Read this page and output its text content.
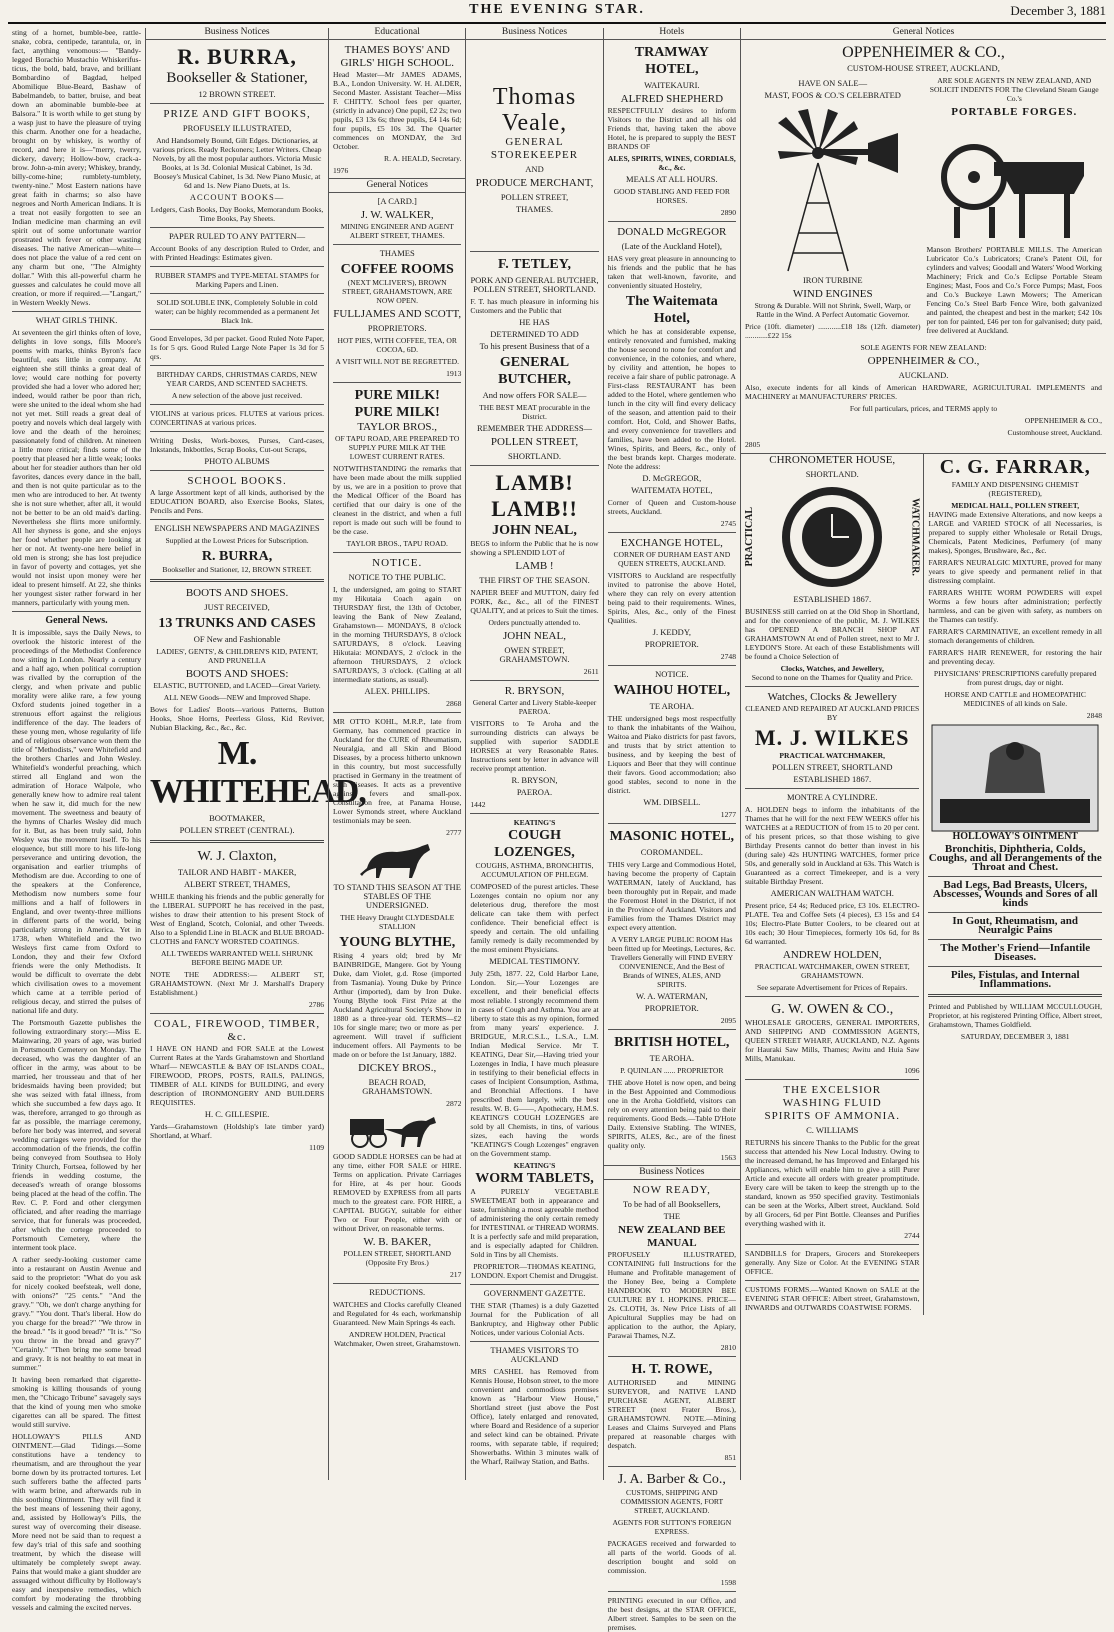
THE EVENING STAR.	December 3, 1881

sting of a hornet, bumble-bee, rattle-snake, cobra, centipede, tarantula, or, in fact, anything venomous:— "Bandy-legged Borachio Mustachio Whiskerifus-ticus, the bold, bald, brave, and brilliant Bombardino of Bagdad, helped Abomilique Blue-Beard, Bashaw of Babelmandeb, to batter, bruise, and beat down an abominable bumble-bee at Balsora." It is worth while to get stung by a wasp just to have the pleasure of trying this charm. Another one for a headache, brought on by whiskey, is worthy of record, and here it is—"merry, twerry, dickery, davery; Hollow-bow, crack-a-brow. John-a-min avery; Whiskey, brandy, billy-come-hine; rumblety-tumblety, twenty-nine." Most Eastern nations have great faith in charms; so also have negroes and North American Indians. It is a treat not easily forgotten to see an Indian medicine man charming an evil spirit out of some unfortunate warrior prostrated with fever or other wasting diseases. The native American—white—does not place the value of a red cent on any charm but one, "The Almighty dollar." With this all-powerful charm he guesses and calculates he could move all creation, or more if required.—"Langart," in Western Weekly News.

WHAT GIRLS THINK.

At seventeen the girl thinks often of love, delights in love songs, fills Moore's poems with marks, thinks Byron's face beautiful, eats little in company. At eighteen she still thinks a great deal of love; would care nothing for poverty provided she had a lover who adored her; indeed, would rather be poor than rich, were she united to the ideal whom she had not yet met. Still reads a great deal of poetry and novels which deal largely with love and the death of the heroines; passionately fond of children. At nineteen a little more critical; finds some of the poetry that pleased her a little weak; looks about her for steadier authors than her old favorites, dances every dance in the ball, and then is not quite particular as to the men who are introduced to her. At twenty she is not sure whether, after all, it would not be better to be an old maid's darling. Nevertheless she flirts more uniformly. All her shyness is gone, and she enjoys her food whether people are looking at her or not. At twenty-one here belief in old men is strong; she has lost prejudice in favor of poverty and cottages, yet she would not insist upon money were her ideal to present himself. At 22, she thinks her youngest sister rather forward in her manners, particularly with young men.

General News.

It is impossible, says the Daily News, to overlook the historic interest of the proceedings of the Methodist Conference now sitting in London. Nearly a century and a half ago, when political corruption was rivalled by the corruption of the clergy, and when private and public morality were alike rare, a few young Oxford students joined together in a strenuous effort against the religious indifference of the day. The leaders of these young men, whose regularity of life and of religious observance won them the title of "Methodists," were Whitefield and the brothers Charles and John Wesley. Whitefield's wonderful preaching, which stirred all England and won the admiration of Horace Walpole, who generally knew how to admire real talent when he saw it, did much for the new movement. The sweetness and beauty of the hymns of Charles Wesley did much for it. But, as has been truly said, John Wesley was the movement itself. To his eloquence, but still more to his life-long perseverance and untiring devotion, the organisation and earlier triumphs of Methodism are due. According to one of the speakers at the Conference, Methodism now numbers some four millions and a half of followers in England, and over twenty-three millions in different parts of the world, being particularly strong in America. Yet in 1738, when Whitefield and the two Wesleys first came from Oxford to London, they and their few Oxford friends were the only Methodists. It would be difficult to overrate the debt which civilisation owes to a movement which came at a terrible period of religious decay, and stirred the pulses of national life and duty.

The Portsmouth Gazette publishes the following extraordinary story:—Miss E. Mainwaring, 20 years of age, was buried in Portsmouth Cemetery on Monday. The deceased, who was the daughter of an officer in the army, was about to be married, her trousseau and that of her bridesmaids having been provided; but she was seized with fatal illness, from which she succumbed a few days ago. It was, therefore, arranged to go through as far as possible, the marriage ceremony, before her body was interred, and several wedding carriages were provided for the accommodation of the friends, the coffin being conveyed from Southsea to Holy Trinity Church, Fortsea, followed by her friends in wedding costume, the deceased's wreath of orange blossoms being placed at the head of the coffin. The Rev. C. P. Ford and other clergymen officiated, and after reading the marriage service, that for funerals was proceeded, after which the cortege proceeded to Portsmouth Cemetery, where the interment took place.

A rather seedy-looking customer came into a restaurant on Austin Avenue and said to the proprietor: "What do you ask for nicely cooked beefsteak, well done, with onions?" "25 cents." "And the gravy." "Oh, we don't charge anything for gravy." "You dont. That's liberal. How do you charge for the bread?" "We throw in the bread." "Is it good bread?" "It is." "So you throw in the bread and gravy?" "Certainly." "Then bring me some bread and gravy. It is not healthy to eat meat in summer."

It having been remarked that cigarette-smoking is killing thousands of young men, the "Chicago Tribune" savagely says that the kind of young men who smoke cigarettes can all be spared. The fittest would still survive.

HOLLOWAY'S PILLS AND OINTMENT.—Glad Tidings.—Some constitutions have a tendency to rheumatism, and are throughout the year borne down by its protracted tortures. Let such sufferers bathe the affected parts with warm brine, and afterwards rub in this soothing Ointment. They will find it the best means of lessening their agony, and, assisted by Holloway's Pills, the surest way of overcoming their disease. More need not be said than to request a few day's trial of this safe and soothing treatment, by which the disease will ultimately be completely swept away. Pains that would make a giant shudder are assuaged without difficulty by Holloway's easy and inexpensive remedies, which comfort by moderating the throbbing vessels and calming the excited nerves.

Business Notices
R. BURRA,
Bookseller & Stationer,
12 BROWN STREET.
PRIZE AND GIFT BOOKS,
PROFUSELY ILLUSTRATED,

And Handsomely Bound, Gilt Edges. Dictionaries, at various prices. Ready Reckoners; Letter Writers. Cheap Novels, by all the most popular authors. Victoria Music Books, at 1s 3d. Colonial Musical Cabinet, 1s 3d. Boosey's Musical Cabinet, 1s 3d. New Piano Music, at 6d and 1s. New Piano Duets, at 1s.

ACCOUNT BOOKS—

Ledgers, Cash Books, Day Books, Memorandum Books, Time Books, Pay Sheets.

PAPER RULED TO ANY PATTERN—

Account Books of any description Ruled to Order, and with Printed Headings: Estimates given.

RUBBER STAMPS and TYPE-METAL STAMPS for Marking Papers and Linen.

SOLID SOLUBLE INK, Completely Soluble in cold water; can be highly recommended as a permanent Jet Black Ink.

Good Envelopes, 3d per packet. Good Ruled Note Paper, 1s for 5 qrs. Good Ruled Large Note Paper 1s 3d for 5 qrs.

BIRTHDAY CARDS, CHRISTMAS CARDS, NEW YEAR CARDS, AND SCENTED SACHETS.

A new selection of the above just received.

VIOLINS at various prices. FLUTES at various prices. CONCERTINAS at various prices.

Writing Desks, Work-boxes, Purses, Card-cases, Inkstands, Inkbottles, Scrap Books, Cut-out Scraps,

PHOTO ALBUMS
SCHOOL BOOKS.

A large Assortment kept of all kinds, authorised by the EDUCATION BOARD, also Exercise Books, Slates, Pencils and Pens.

ENGLISH NEWSPAPERS AND MAGAZINES

Supplied at the Lowest Prices for Subscription.

R. BURRA,

Bookseller and Stationer, 12, BROWN STREET.

BOOTS AND SHOES.
JUST RECEIVED,
13 TRUNKS AND CASES
OF New and Fashionable

LADIES', GENTS', & CHILDREN'S KID, PATENT, AND PRUNELLA

BOOTS AND SHOES:

ELASTIC, BUTTONED, and LACED—Great Variety.

ALL NEW Goods—NEW and Improved Shape.

Bows for Ladies' Boots—various Patterns, Button Hooks, Shoe Horns, Peerless Gloss, Kid Reviver, Nubian Blacking, &c., &c., &c.

M. WHITEHEAD,
BOOTMAKER,
POLLEN STREET (CENTRAL).
W. J. Claxton,
TAILOR AND HABIT - MAKER,
ALBERT STREET, THAMES,

WHILE thanking his friends and the public generally for the LIBERAL SUPPORT he has received in the past, wishes to draw their attention to his present Stock of West of England, Scotch, Colonial, and other Tweeds. Also to a Splendid Line in BLACK and BLUE BROAD-CLOTHS and FANCY WORSTED COATINGS.

ALL TWEEDS WARRANTED WELL SHRUNK BEFORE BEING MADE UP.

NOTE THE ADDRESS:— ALBERT ST, GRAHAMSTOWN. (Next Mr J. Marshall's Drapery Establishment.)

2786

COAL, FIREWOOD, TIMBER, &c.

I HAVE ON HAND and FOR SALE at the Lowest Current Rates at the Yards Grahamstown and Shortland Wharf— NEWCASTLE & BAY OF ISLANDS COAL, FIREWOOD, PROPS, POSTS, RAILS, PALINGS, TIMBER of ALL KINDS for BUILDING, and every description of IRONMONGERY AND BUILDERS REQUISITES.

H. C. GILLESPIE.

Yards—Grahamstown (Holdship's late timber yard) Shortland, at Wharf.

1109

Educational
THAMES BOYS' AND GIRLS' HIGH SCHOOL.

Head Master—Mr JAMES ADAMS, B.A., London University. W. H. ALDER, Second Master. Assistant Teacher—Miss F. CHITTY. School fees per quarter, (strictly in advance) One pupil, £2 2s; two pupils, £3 13s 6s; three pupils, £4 14s 6d; four pupils, £5 10s 3d. The Quarter commences on MONDAY, the 3rd October.

R. A. HEALD, Secretary.

1976

General Notices
[A CARD.]
J. W. WALKER,

MINING ENGINEER AND AGENT ALBERT STREET, THAMES.

THAMES
COFFEE ROOMS

(NEXT MCLIVER'S), BROWN STREET, GRAHAMSTOWN, ARE NOW OPEN.

FULLJAMES AND SCOTT,
PROPRIETORS.

HOT PIES, WITH COFFEE, TEA, OR COCOA, 6D.

A VISIT WILL NOT BE REGRETTED.

1913

PURE MILK!
PURE MILK!
TAYLOR BROS.,

OF TAPU ROAD, ARE PREPARED TO SUPPLY PURE MILK AT THE LOWEST CURRENT RATES.

NOTWITHSTANDING the remarks that have been made about the milk supplied by us, we are in a position to prove that the Medical Officer of the Board has certified that our dairy is one of the cleanest in the district, and when a full report is made out such will be found to be the case.

TAYLOR BROS., TAPU ROAD.

NOTICE.
NOTICE TO THE PUBLIC.

I, the undersigned, am going to START my Hikutaia Coach again on THURSDAY first, the 13th of October, leaving the Bank of New Zealand, Grahamstown— MONDAYS, 8 o'clock in the morning THURSDAYS, 8 o'clock SATURDAYS, 8 o'clock. Leaving Hikutaia: MONDAYS, 2 o'clock in the afternoon THURSDAYS, 2 o'clock SATURDAYS, 3 o'clock. (Calling at all intermediate stations, as usual).

ALEX. PHILLIPS.

2868

MR OTTO KOHL, M.R.P., late from Germany, has commenced practice in Auckland for the CURE of Rheumatism, Neuralgia, and all Skin and Blood Diseases, by a process hitherto unknown in this country, but most successfully practised in Germany in the treatment of such diseases. It acts as a preventive against fevers and small-pox. Consultation free, at Panama House, Lower Symonds street, where Auckland testimonials may be seen.

2777

TO STAND THIS SEASON AT THE STABLES OF THE UNDERSIGNED.

THE Heavy Draught CLYDESDALE STALLION

YOUNG BLYTHE,

Rising 4 years old; bred by Mr BAINBRIDGE, Mangere. Got by Young Duke, dam Violet, g.d. Rose (imported from Tasmania). Young Duke by Prince Arthur (imported), dam by Iron Duke. Young Blythe took First Prize at the Auckland Agricultural Society's Show in 1880 as a three-year old. TERMS—£2 10s for single mare; two or more as per agreement. Will travel if sufficient inducement offers. All Payments to be made on or before the 1st January, 1882.

DICKEY BROS.,
BEACH ROAD, GRAHAMSTOWN.

2872

GOOD SADDLE HORSES can be had at any time, either FOR SALE or HIRE. Terms on application. Private Carriages for Hire, at 4s per hour. Goods REMOVED by EXPRESS from all parts much to the greatest care. FOR HIRE, a CAPITAL BUGGY, suitable for either Two or Four People, either with or without Driver, on reasonable terms.

W. B. BAKER,

POLLEN STREET, SHORTLAND (Opposite Fry Bros.)

217

REDUCTIONS.

WATCHES and Clocks carefully Cleaned and Regulated for 4s each, workmanship Guaranteed. New Main Springs 4s each.

ANDREW HOLDEN, Practical Watchmaker, Owen street, Grahamstown.

Business Notices
Thomas Veale,
GENERAL STOREKEEPER
AND
PRODUCE MERCHANT,
POLLEN STREET,
THAMES.
F. TETLEY,
PORK AND GENERAL BUTCHER, POLLEN STREET, SHORTLAND.

F. T. has much pleasure in informing his Customers and the Public that

HE HAS
DETERMINED TO ADD
To his present Business that of a
GENERAL BUTCHER,
And now offers FOR SALE—

THE BEST MEAT procurable in the District.

REMEMBER THE ADDRESS—
POLLEN STREET,
SHORTLAND.
LAMB! LAMB!!
JOHN NEAL,

BEGS to inform the Public that he is now showing a SPLENDID LOT of

LAMB !
THE FIRST OF THE SEASON.

NAPIER BEEF and MUTTON, dairy fed PORK, &c., &c., all of the FINEST QUALITY, and at prices to Suit the times.

Orders punctually attended to.

JOHN NEAL,
OWEN STREET, GRAHAMSTOWN.

2611

R. BRYSON,

General Carter and Livery Stable-keeper PAEROA.

VISITORS to Te Aroha and the surrounding districts can always be supplied with superior SADDLE HORSES at very Reasonable Rates. Instructions sent by letter in advance will receive prompt attention.

R. BRYSON,
PAEROA.

1442

KEATING'S
COUGH LOZENGES,

COUGHS, ASTHMA, BRONCHITIS, ACCUMULATION OF PHLEGM.

COMPOSED of the purest articles. These Lozenges contain no opium nor any deleterious drug, therefore the most delicate can take them with perfect confidence. Their beneficial effect is speedy and certain. The old unfailing family remedy is daily recommended by the most eminent Physicians.

MEDICAL TESTIMONY.

July 25th, 1877. 22, Cold Harbor Lane, London. Sir,—Your Lozenges are excellent, and their beneficial effects most reliable. I strongly recommend them in cases of Cough and Asthma. You are at liberty to state this as my opinion, formed from many years' experience. J. BRIDGUE, M.R.C.S.L., L.S.A., L.M. Indian Medical Service. Mr T. KEATING, Dear Sir,—Having tried your Lozenges in India, I have much pleasure in testifying to their beneficial effects in cases of Incipient Consumption, Asthma, and Bronchial Affections. I have prescribed them largely, with the best results. W. B. G——, Apothecary, H.M.S. KEATING'S COUGH LOZENGES are sold by all Chemists, in tins, of various sizes, each having the words "KEATING'S Cough Lozenges" engraven on the Government stamp.

KEATING'S
WORM TABLETS,

A PURELY VEGETABLE SWEETMEAT both in appearance and taste, furnishing a most agreeable method of administering the only certain remedy for INTESTINAL or THREAD WORMS. It is a perfectly safe and mild preparation, and is especially adapted for Children. Sold in Tins by all Chemists.

PROPRIETOR—THOMAS KEATING, LONDON. Export Chemist and Druggist.

GOVERNMENT GAZETTE.

THE STAR (Thames) is a duly Gazetted Journal for the Publication of all Bankruptcy, and Highway other Public Notices, under various Colonial Acts.

THAMES VISITORS TO AUCKLAND

MRS CASHEL has Removed from Kennis House, Hobson street, to the more convenient and commodious premises known as "Harbour View House," Shortland street (just above the Post Office), lately enlarged and renovated, where Board and Residence of a superior and select kind can be obtained. Private rooms, with separate table, if required; Showerbaths. Within 3 minutes walk of the Wharf, Railway Station, and Baths.

Hotels
TRAMWAY HOTEL,
WAITEKAURI.
ALFRED SHEPHERD

RESPECTFULLY desires to inform Visitors to the District and all his old Friends that, having taken the above Hotel, he is prepared to supply the BEST BRANDS OF

ALES, SPIRITS, WINES, CORDIALS, &c., &c.
MEALS AT ALL HOURS.

GOOD STABLING AND FEED FOR HORSES.

2890

DONALD McGREGOR
(Late of the Auckland Hotel),

HAS very great pleasure in announcing to his friends and the public that he has taken that well-known, favorite, and conveniently situated Hostelry,

The Waitemata Hotel,

which he has at considerable expense, entirely renovated and furnished, making the house second to none for comfort and convenience, in the colonies, and where, by civility and attention, he hopes to receive a fair share of public patronage. A First-class RESTAURANT has been added to the Hotel, where gentlemen who lunch in the city will find every delicacy of the season, and attention paid to their comfort. Hot, Cold, and Shower Baths, and every convenience for travellers and families, have been added to the Hotel. Wines, Spirits, and Beers, &c., only of the best brands kept. Charges moderate. Note the address:

D. McGREGOR,
WAITEMATA HOTEL,

Corner of Queen and Custom-house streets, Auckland.

2745

EXCHANGE HOTEL,

CORNER OF DURHAM EAST AND QUEEN STREETS, AUCKLAND.

VISITORS to Auckland are respectfully invited to patronise the above Hotel, where they can rely on every attention being paid to their requirements. Wines, Spirits, Ales, &c., only of the Finest Qualities.

J. KEDDY,
PROPRIETOR.

2748

NOTICE.
WAIHOU HOTEL,
TE AROHA.

THE undersigned begs most respectfully to thank the inhabitants of the Waihou, Waitoa and Piako districts for past favors, and trusts that by strict attention to business, and by keeping the best of Liquors and Beer that they will continue their favors. Good accommodation; also good stables, second to none in the district.

WM. DIBSELL.

1277

MASONIC HOTEL,
COROMANDEL.

THIS very Large and Commodious Hotel, having become the property of Captain WATERMAN, lately of Auckland, has been thoroughly put in Repair, and made the Foremost Hotel in the District, if not in the Province of Auckland. Visitors and Families from the Thames District may expect every attention.

A VERY LARGE PUBLIC ROOM Has been fitted up for Meetings, Lectures, &c. Travellers Generally will FIND EVERY CONVENIENCE, And the Best of Brands of WINES, ALES, AND SPIRITS.

W. A. WATERMAN,
PROPRIETOR.

2095

BRITISH HOTEL,
TE AROHA.

P. QUINLAN ...... PROPRIETOR

THE above Hotel is now open, and being in the Best Appointed and Commodious one in the Aroha Goldfield, visitors can rely on every attention being paid to their requirements. Good Beds.—Table D'Hote Daily. Extensive Stabling. The WINES, SPIRITS, ALES, &c., are of the finest quality only.

1563

Business Notices
NOW READY,
To be had of all Booksellers,
THE
NEW ZEALAND BEE MANUAL

PROFUSELY ILLUSTRATED, CONTAINING full Instructions for the Humane and Profitable management of the Honey Bee, being a Complete HANDBOOK TO MODERN BEE CULTURE BY I. HOPKINS. PRICE—2s. CLOTH, 3s. New Price Lists of all Apicultural Supplies may be had on application to the author, the Apiary, Parawai Thames, N.Z.

2810

H. T. ROWE,

AUTHORISED and MINING SURVEYOR, and NATIVE LAND PURCHASE AGENT, ALBERT STREET (next Frater Bros.), GRAHAMSTOWN. NOTE.—Mining Leases and Claims Surveyed and Plans prepared at reasonable charges with despatch.

851

J. A. Barber & Co.,

CUSTOMS, SHIPPING AND COMMISSION AGENTS, FORT STREET, AUCKLAND.

AGENTS FOR SUTTON'S FOREIGN EXPRESS.

PACKAGES received and forwarded to all parts of the world. Goods of al. description bought and sold on commission.

1598

PRINTING executed in our Office, and the best designs, at the STAR OFFICE, Albert street. Samples to be seen on the premises.

General Notices
OPPENHEIMER & CO.,
CUSTOM-HOUSE STREET, AUCKLAND,
HAVE ON SALE—
MAST, FOOS & CO.'S CELEBRATED
IRON TURBINE
WIND ENGINES

Strong & Durable. Will not Shrink, Swell, Warp, or Rattle in the Wind. A Perfect Automatic Governor.

Price (10ft. diameter) ............£18 18s (12ft. diameter) ............£22 15s

ARE SOLE AGENTS IN NEW ZEALAND, AND SOLICIT INDENTS FOR The Cleveland Steam Gauge Co.'s

PORTABLE FORGES.

Manson Brothers' PORTABLE MILLS. The American Lubricator Co.'s Lubricators; Crane's Patent Oil, for cylinders and valves; Goodall and Waters' Wood Working Machinery; Frick and Co.'s Eclipse Portable Steam Engines; Mast, Foos and Co.'s Force Pumps; Mast, Foos and Co.'s Buckeye Lawn Mowers; The American Fencing Co.'s Steel Barb Fence Wire, both galvanized and painted, the cheapest and best in the market; £42 10s per ton for painted, £46 per ton for galvanised; duty paid, free delivered at Auckland.

SOLE AGENTS FOR NEW ZEALAND:

OPPENHEIMER & CO.,
AUCKLAND.

Also, execute indents for all kinds of American HARDWARE, AGRICULTURAL IMPLEMENTS and MACHINERY at MANUFACTURERS' PRICES.

For full particulars, prices, and TERMS apply to

OPPENHEIMER & CO.,

Customhouse street, Auckland.

2805

CHRONOMETER HOUSE,
SHORTLAND.
PRACTICAL	WATCHMAKER.
ESTABLISHED 1867.

BUSINESS still carried on at the Old Shop in Shortland, and for the convenience of the public, M. J. WILKES has OPENED A BRANCH SHOP AT GRAHAMSTOWN At end of Pollen street, next to Mr J. LEYDON'S Store. At each of these Establishments will be found a Choice Selection of

Clocks, Watches, and Jewellery,

Second to none on the Thames for Quality and Price.

Watches, Clocks & Jewellery

CLEANED AND REPAIRED AT AUCKLAND PRICES BY

M. J. WILKES
PRACTICAL WATCHMAKER,
POLLEN STREET, SHORTLAND
ESTABLISHED 1867.
MONTRE A CYLINDRE.

A. HOLDEN begs to inform the inhabitants of the Thames that he will for the next FEW WEEKS offer his WATCHES at a REDUCTION of from 15 to 20 per cent. of his present prices, so that those wishing to give Birthday Presents cannot do better than invest in his (during sale) 42s HUNTING WATCHES, former price 50s, and generally sold in Auckland at 63s. This Watch is Guaranteed as a correct Timekeeper, and is a very suitable Birthday Present.

AMERICAN WALTHAM WATCH.

Present price, £4 4s; Reduced price, £3 10s. ELECTRO-PLATE. Tea and Coffee Sets (4 pieces), £3 15s and £4 10s; Electro-Plate Butter Coolers, to be cleared out at 10s each; 30 Hour Timepieces, formerly 10s 6d, for 8s 6d warranted.

ANDREW HOLDEN,

PRACTICAL WATCHMAKER, OWEN STREET, GRAHAMSTOWN.

See separate Advertisement for Prices of Repairs.

G. W. OWEN & CO.,

WHOLESALE GROCERS, GENERAL IMPORTERS, AND SHIPPING AND COMMISSION AGENTS, QUEEN STREET WHARF, AUCKLAND, N.Z. Agents for Hauraki Saw Mills, Thames; Awitu and Huia Saw Mills, Manukau.

1096

THE EXCELSIOR
WASHING FLUID
SPIRITS OF AMMONIA.
C. WILLIAMS

RETURNS his sincere Thanks to the Public for the great success that attended his New Local Industry. Owing to the increased demand, he has Improved and Enlarged his Appliances, which will enable him to give a still Purer Article and execute all orders with greater promptitude. Every care will be taken to keep the strength up to the standard, known as 950 specified gravity. Testimonials can be seen at the Works, Albert street, Auckland. Sold by all Grocers, 6d per Pint Bottle. Cleanses and Purifies everything washed with it.

2744

SANDBILLS for Drapers, Grocers and Storekeepers generally. Any Size or Color. At the EVENING STAR OFFICE.

CUSTOMS FORMS.—Wanted Known on SALE at the EVENING STAR OFFICE: Albert street, Grahamstown, INWARDS and OUTWARDS COASTWISE FORMS.

C. G. FARRAR,

FAMILY AND DISPENSING CHEMIST (REGISTERED),

MEDICAL HALL, POLLEN STREET,

HAVING made Extensive Alterations, and now keeps a LARGE and VARIED STOCK of all Necessaries, is prepared to supply either Wholesale or Retail Drugs, Chemicals, Patent Medicines, Perfumery (of many makes), Sponges, Brushware, &c., &c.

FARRAR'S NEURALGIC MIXTURE, proved for many years to give speedy and permanent relief in that distressing complaint.

FARRARS WHITE WORM POWDERS will expel Worms a few hours after administration; perfectly harmless, and can be given with safety, as numbers on the Thames can testify.

FARRAR'S CARMINATIVE, an excellent remedy in all stomach derangements of children.

FARRAR'S HAIR RENEWER, for restoring the hair and preventing decay.

PHYSICIANS' PRESCRIPTIONS carefully prepared from purest drugs, day or night.

HORSE AND CATTLE and HOMEOPATHIC MEDICINES of all kinds on Sale.

2848

HOLLOWAY'S OINTMENT
Bronchitis, Diphtheria, Colds, Coughs, and all Derangements of the Throat and Chest.
Bad Legs, Bad Breasts, Ulcers, Abscesses, Wounds and Sores of all kinds
In Gout, Rheumatism, and Neuralgic Pains
The Mother's Friend—Infantile Diseases.
Piles, Fistulas, and Internal Inflammations.

Printed and Published by WILLIAM MCCULLOUGH, Proprietor, at his registered Printing Office, Albert street, Grahamstown, Thames Goldfield.

SATURDAY, DECEMBER 3, 1881
